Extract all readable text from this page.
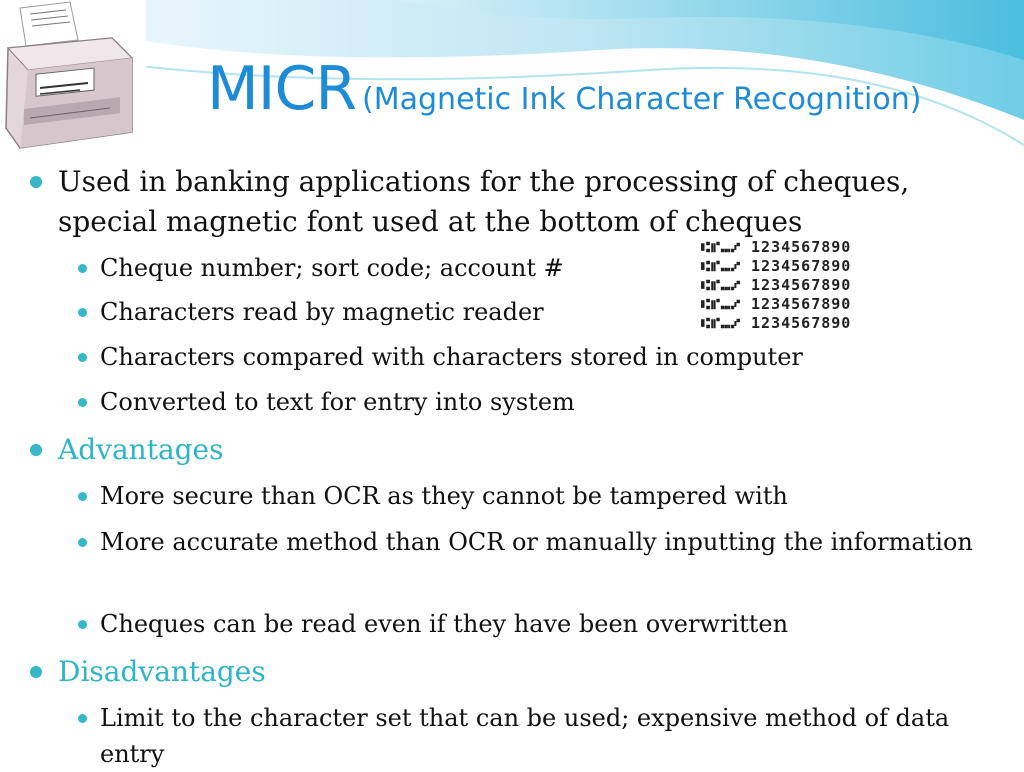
MICR (Magnetic Ink Character Recognition)
Used in banking applications for the processing of cheques, special magnetic font used at the bottom of cheques
Cheque number; sort code; account #
Characters read by magnetic reader
Characters compared with characters stored in computer
Converted to text for entry into system
Advantages
More secure than OCR as they cannot be tampered with
More accurate method than OCR or manually inputting the information
Cheques can be read even if they have been overwritten
Disadvantages
Limit to the character set that can be used; expensive method of data entry
⑆⑈⑉⑇ 1234567890
⑆⑈⑉⑇ 1234567890
⑆⑈⑉⑇ 1234567890
⑆⑈⑉⑇ 1234567890
⑆⑈⑉⑇ 1234567890
